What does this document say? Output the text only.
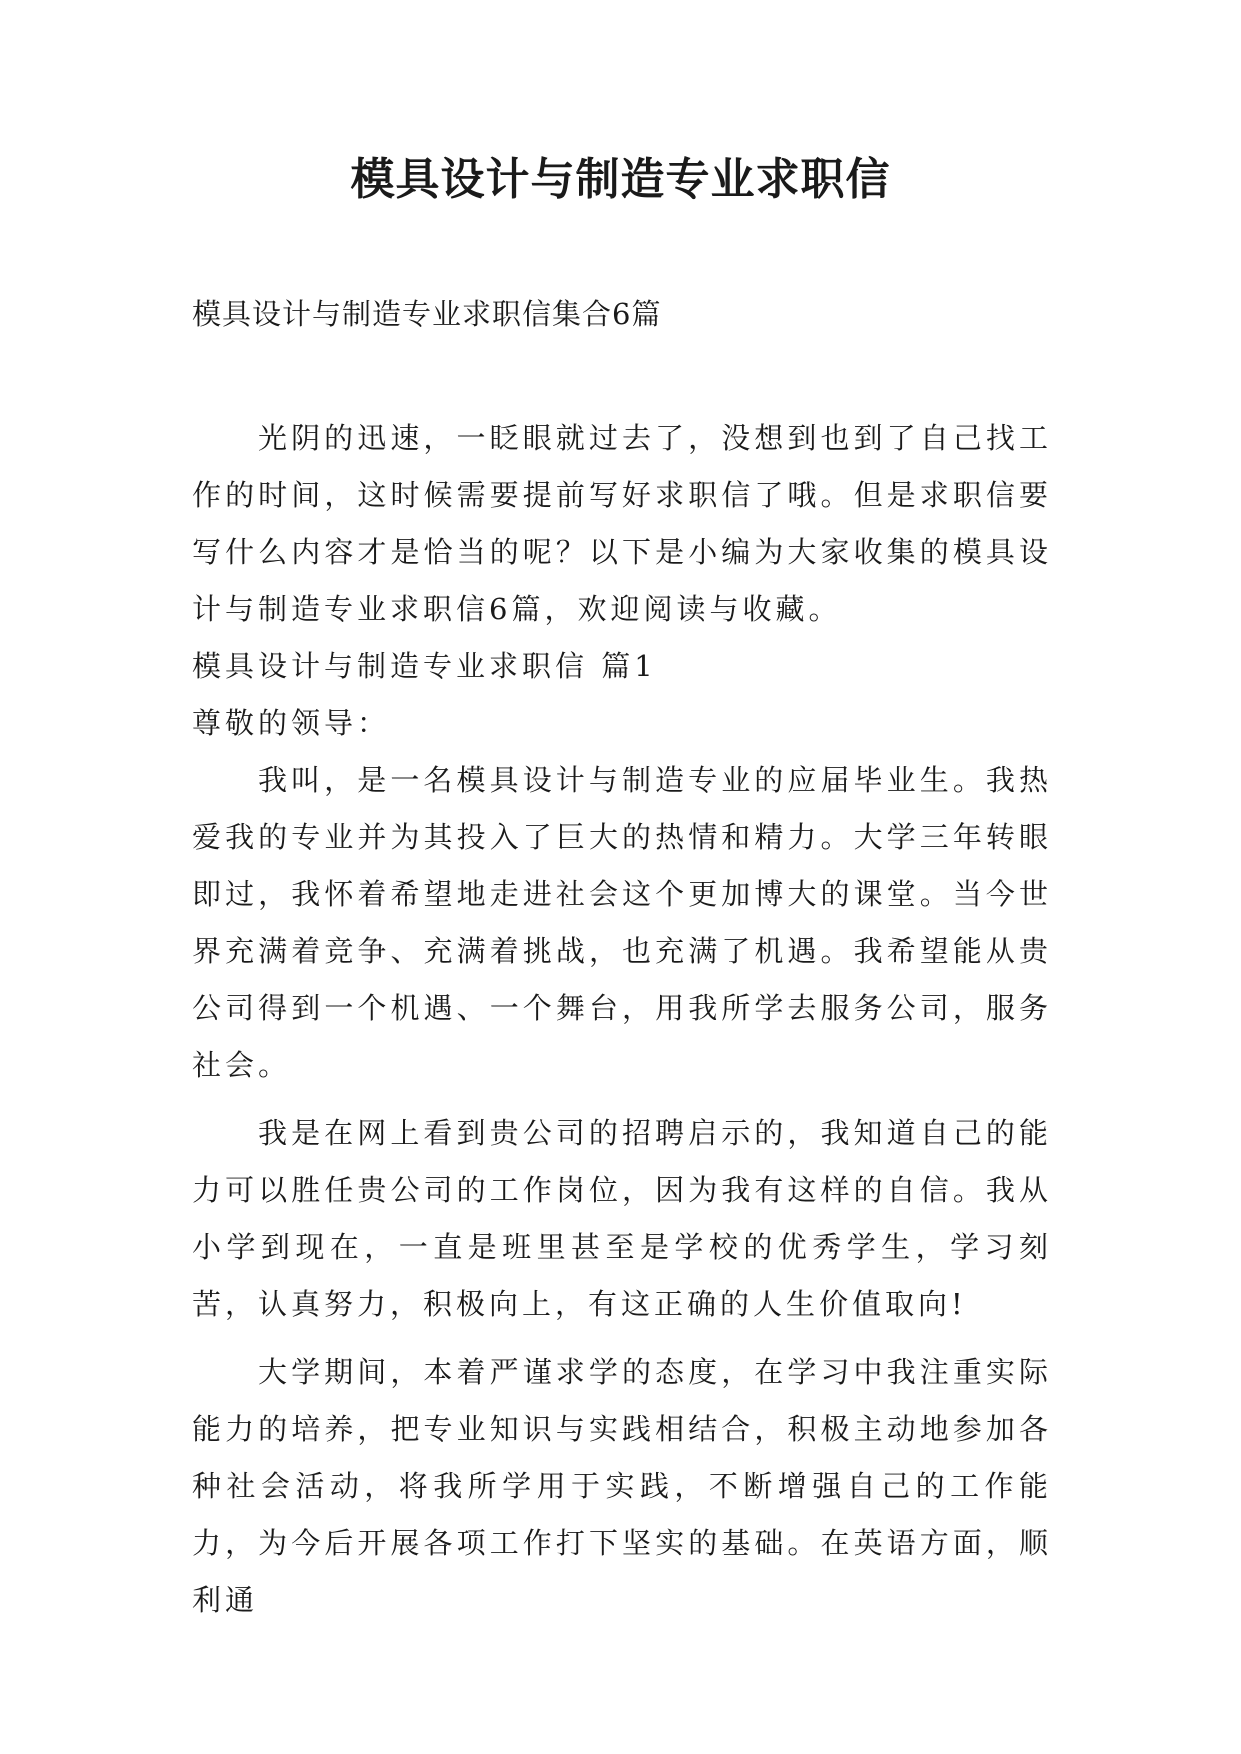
模具设计与制造专业求职信

模具设计与制造专业求职信集合6篇

光阴的迅速，一眨眼就过去了，没想到也到了自己找工作的时间，这时候需要提前写好求职信了哦。但是求职信要写什么内容才是恰当的呢？以下是小编为大家收集的模具设计与制造专业求职信6篇，欢迎阅读与收藏。

模具设计与制造专业求职信 篇1

尊敬的领导：

我叫，是一名模具设计与制造专业的应届毕业生。我热爱我的专业并为其投入了巨大的热情和精力。大学三年转眼即过，我怀着希望地走进社会这个更加博大的课堂。当今世界充满着竞争、充满着挑战，也充满了机遇。我希望能从贵公司得到一个机遇、一个舞台，用我所学去服务公司，服务社会。

我是在网上看到贵公司的招聘启示的，我知道自己的能力可以胜任贵公司的工作岗位，因为我有这样的自信。我从小学到现在，一直是班里甚至是学校的优秀学生，学习刻苦，认真努力，积极向上，有这正确的人生价值取向!

大学期间，本着严谨求学的态度，在学习中我注重实际能力的培养，把专业知识与实践相结合，积极主动地参加各种社会活动，将我所学用于实践，不断增强自己的工作能力，为今后开展各项工作打下坚实的基础。在英语方面，顺利通
